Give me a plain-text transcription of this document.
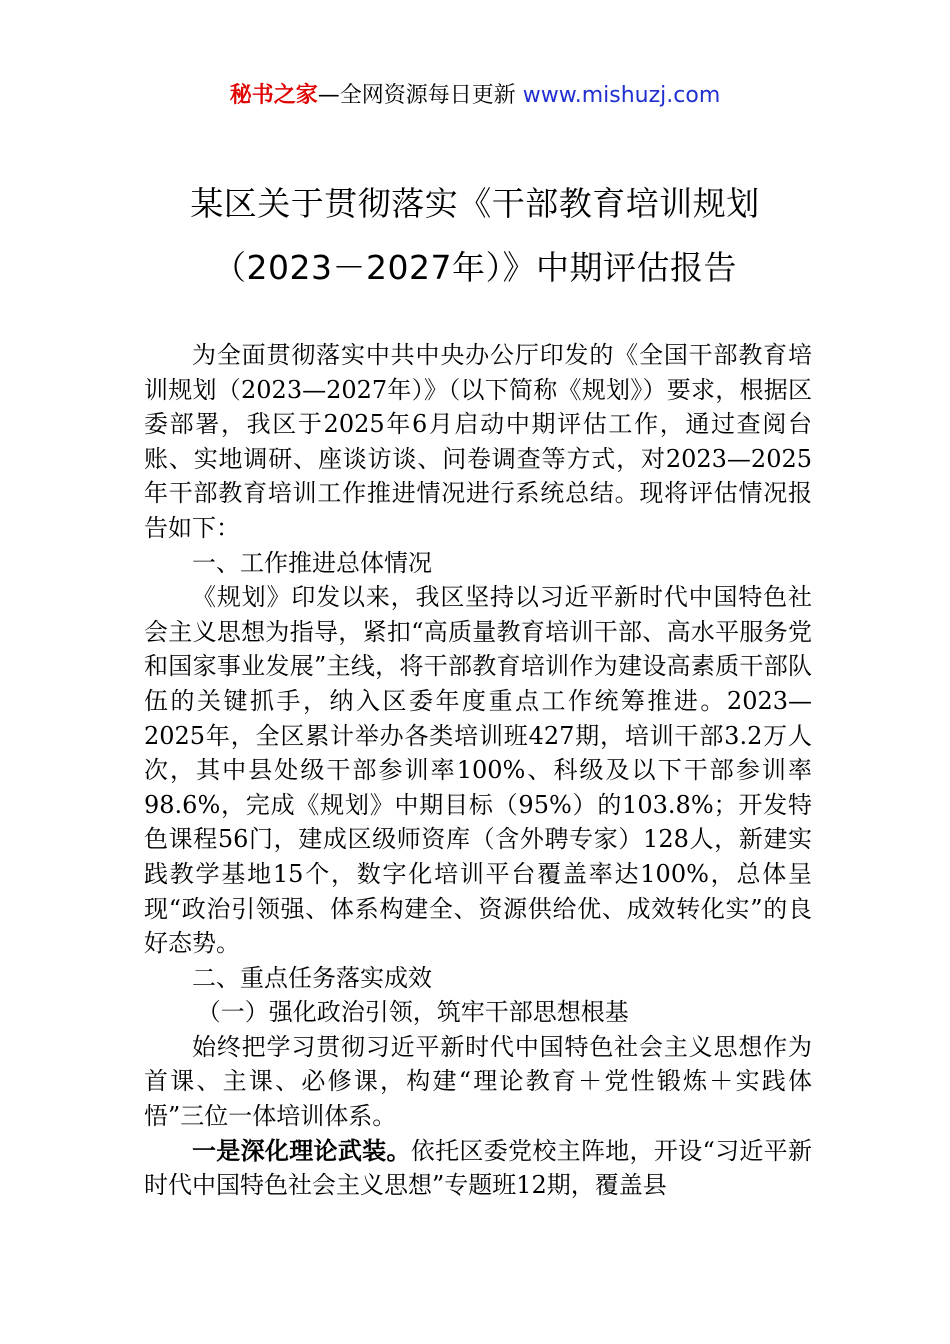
秘书之家—全网资源每日更新 www.mishuzj.com
某区关于贯彻落实《干部教育培训规划
（2023－2027年）》中期评估报告

为全面贯彻落实中共中央办公厅印发的《全国干部教育培训规划（2023—2027年）》（以下简称《规划》）要求，根据区委部署，我区于2025年6月启动中期评估工作，通过查阅台账、实地调研、座谈访谈、问卷调查等方式，对2023—2025年干部教育培训工作推进情况进行系统总结。现将评估情况报告如下：

一、工作推进总体情况

《规划》印发以来，我区坚持以习近平新时代中国特色社会主义思想为指导，紧扣“高质量教育培训干部、高水平服务党和国家事业发展”主线，将干部教育培训作为建设高素质干部队伍的关键抓手，纳入区委年度重点工作统筹推进。2023—2025年，全区累计举办各类培训班427期，培训干部3.2万人次，其中县处级干部参训率100%、科级及以下干部参训率98.6%，完成《规划》中期目标（95%）的103.8%；开发特色课程56门，建成区级师资库（含外聘专家）128人，新建实践教学基地15个，数字化培训平台覆盖率达100%，总体呈现“政治引领强、体系构建全、资源供给优、成效转化实”的良好态势。

二、重点任务落实成效

（一）强化政治引领，筑牢干部思想根基

始终把学习贯彻习近平新时代中国特色社会主义思想作为首课、主课、必修课，构建“理论教育＋党性锻炼＋实践体悟”三位一体培训体系。

一是深化理论武装。依托区委党校主阵地，开设“习近平新时代中国特色社会主义思想”专题班12期，覆盖县
